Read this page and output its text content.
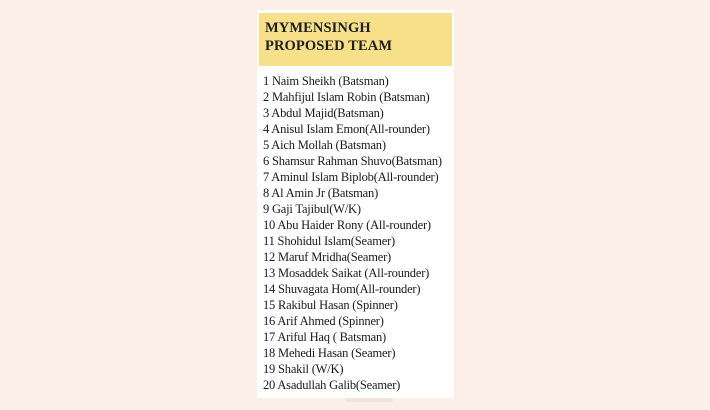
MYMENSINGH
PROPOSED TEAM
1 Naim Sheikh (Batsman)
2 Mahfijul Islam Robin (Batsman)
3 Abdul Majid(Batsman)
4 Anisul Islam Emon(All-rounder)
5 Aich Mollah (Batsman)
6 Shamsur Rahman Shuvo(Batsman)
7 Aminul Islam Biplob(All-rounder)
8 Al Amin Jr (Batsman)
9 Gaji Tajibul(W/K)
10 Abu Haider Rony (All-rounder)
11 Shohidul Islam(Seamer)
12 Maruf Mridha(Seamer)
13 Mosaddek Saikat (All-rounder)
14 Shuvagata Hom(All-rounder)
15 Rakibul Hasan (Spinner)
16 Arif Ahmed (Spinner)
17 Ariful Haq ( Batsman)
18 Mehedi Hasan (Seamer)
19 Shakil (W/K)
20 Asadullah Galib(Seamer)
